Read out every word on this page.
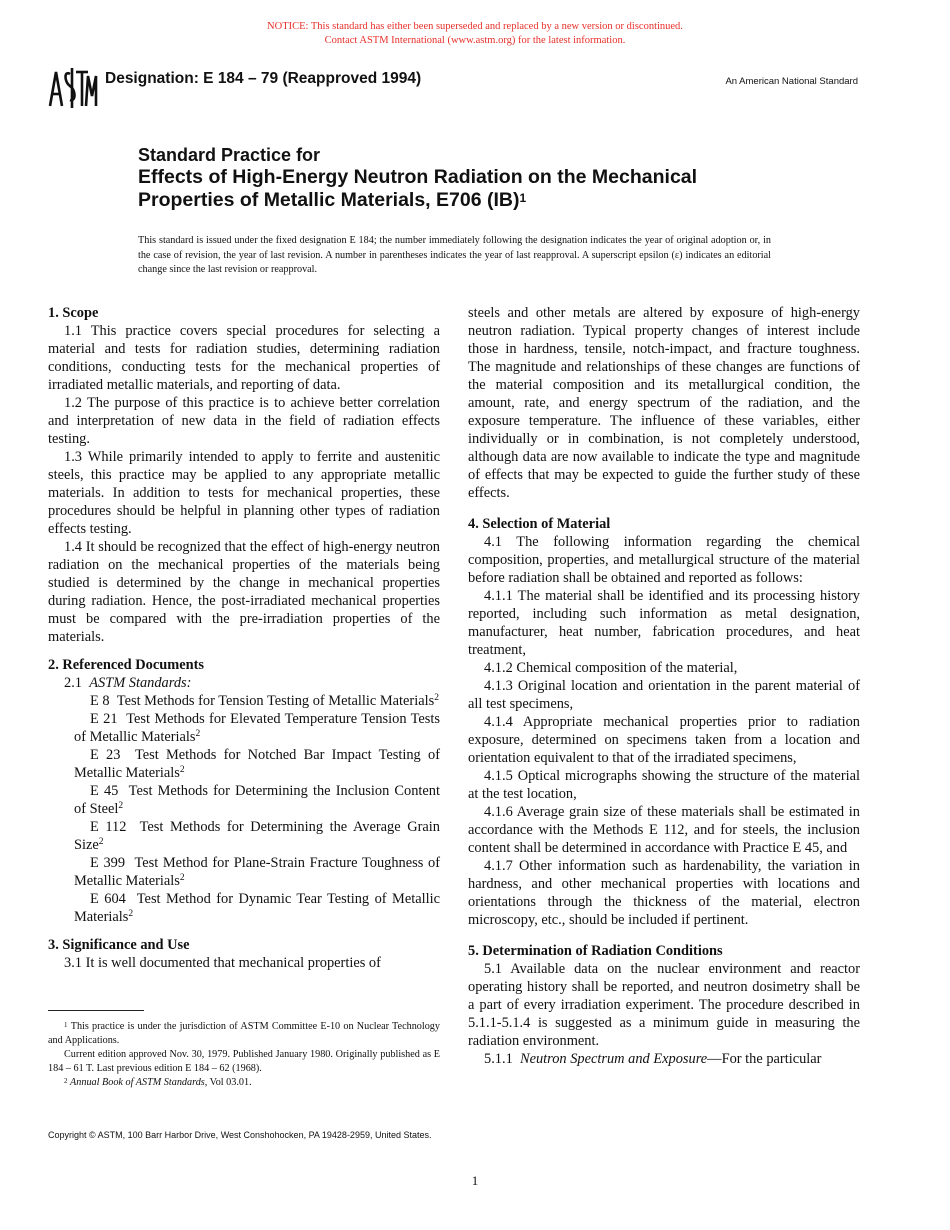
NOTICE: This standard has either been superseded and replaced by a new version or discontinued.
Contact ASTM International (www.astm.org) for the latest information.
Designation: E 184 – 79 (Reapproved 1994)	An American National Standard
Standard Practice for
Effects of High-Energy Neutron Radiation on the Mechanical
Properties of Metallic Materials, E706 (IB)$^1$
This standard is issued under the fixed designation E 184; the number immediately following the designation indicates the year of original adoption or, in the case of revision, the year of last revision. A number in parentheses indicates the year of last reapproval. A superscript epsilon (ε) indicates an editorial change since the last revision or reapproval.
1. Scope

1.1 This practice covers special procedures for selecting a material and tests for radiation studies, determining radiation conditions, conducting tests for the mechanical properties of irradiated metallic materials, and reporting of data.

1.2 The purpose of this practice is to achieve better correlation and interpretation of new data in the field of radiation effects testing.

1.3 While primarily intended to apply to ferrite and austenitic steels, this practice may be applied to any appropriate metallic materials. In addition to tests for mechanical properties, these procedures should be helpful in planning other types of radiation effects testing.

1.4 It should be recognized that the effect of high-energy neutron radiation on the mechanical properties of the materials being studied is determined by the change in mechanical properties during radiation. Hence, the post-irradiated mechanical properties must be compared with the pre-irradiation properties of the materials.

2. Referenced Documents

2.1 ASTM Standards:

E 8 Test Methods for Tension Testing of Metallic Materials$^2$

E 21 Test Methods for Elevated Temperature Tension Tests of Metallic Materials$^2$

E 23 Test Methods for Notched Bar Impact Testing of Metallic Materials$^2$

E 45 Test Methods for Determining the Inclusion Content of Steel$^2$

E 112 Test Methods for Determining the Average Grain Size$^2$

E 399 Test Method for Plane-Strain Fracture Toughness of Metallic Materials$^2$

E 604 Test Method for Dynamic Tear Testing of Metallic Materials$^2$

3. Significance and Use

3.1 It is well documented that mechanical properties of

steels and other metals are altered by exposure of high-energy neutron radiation. Typical property changes of interest include those in hardness, tensile, notch-impact, and fracture toughness. The magnitude and relationships of these changes are functions of the material composition and its metallurgical condition, the amount, rate, and energy spectrum of the radiation, and the exposure temperature. The influence of these variables, either individually or in combination, is not completely understood, although data are now available to indicate the type and magnitude of effects that may be expected to guide the further study of these effects.

4. Selection of Material

4.1 The following information regarding the chemical composition, properties, and metallurgical structure of the material before radiation shall be obtained and reported as follows:

4.1.1 The material shall be identified and its processing history reported, including such information as metal designation, manufacturer, heat number, fabrication procedures, and heat treatment,

4.1.2 Chemical composition of the material,

4.1.3 Original location and orientation in the parent material of all test specimens,

4.1.4 Appropriate mechanical properties prior to radiation exposure, determined on specimens taken from a location and orientation equivalent to that of the irradiated specimens,

4.1.5 Optical micrographs showing the structure of the material at the test location,

4.1.6 Average grain size of these materials shall be estimated in accordance with the Methods E 112, and for steels, the inclusion content shall be determined in accordance with Practice E 45, and

4.1.7 Other information such as hardenability, the variation in hardness, and other mechanical properties with locations and orientations through the thickness of the material, electron microscopy, etc., should be included if pertinent.

5. Determination of Radiation Conditions

5.1 Available data on the nuclear environment and reactor operating history shall be reported, and neutron dosimetry shall be a part of every irradiation experiment. The procedure described in 5.1.1-5.1.4 is suggested as a minimum guide in measuring the radiation environment.

5.1.1 Neutron Spectrum and Exposure—For the particular

$^1$ This practice is under the jurisdiction of ASTM Committee E-10 on Nuclear Technology and Applications.

Current edition approved Nov. 30, 1979. Published January 1980. Originally published as E 184 – 61 T. Last previous edition E 184 – 62 (1968).

$^2$ Annual Book of ASTM Standards, Vol 03.01.

Copyright © ASTM, 100 Barr Harbor Drive, West Conshohocken, PA 19428-2959, United States.
1
